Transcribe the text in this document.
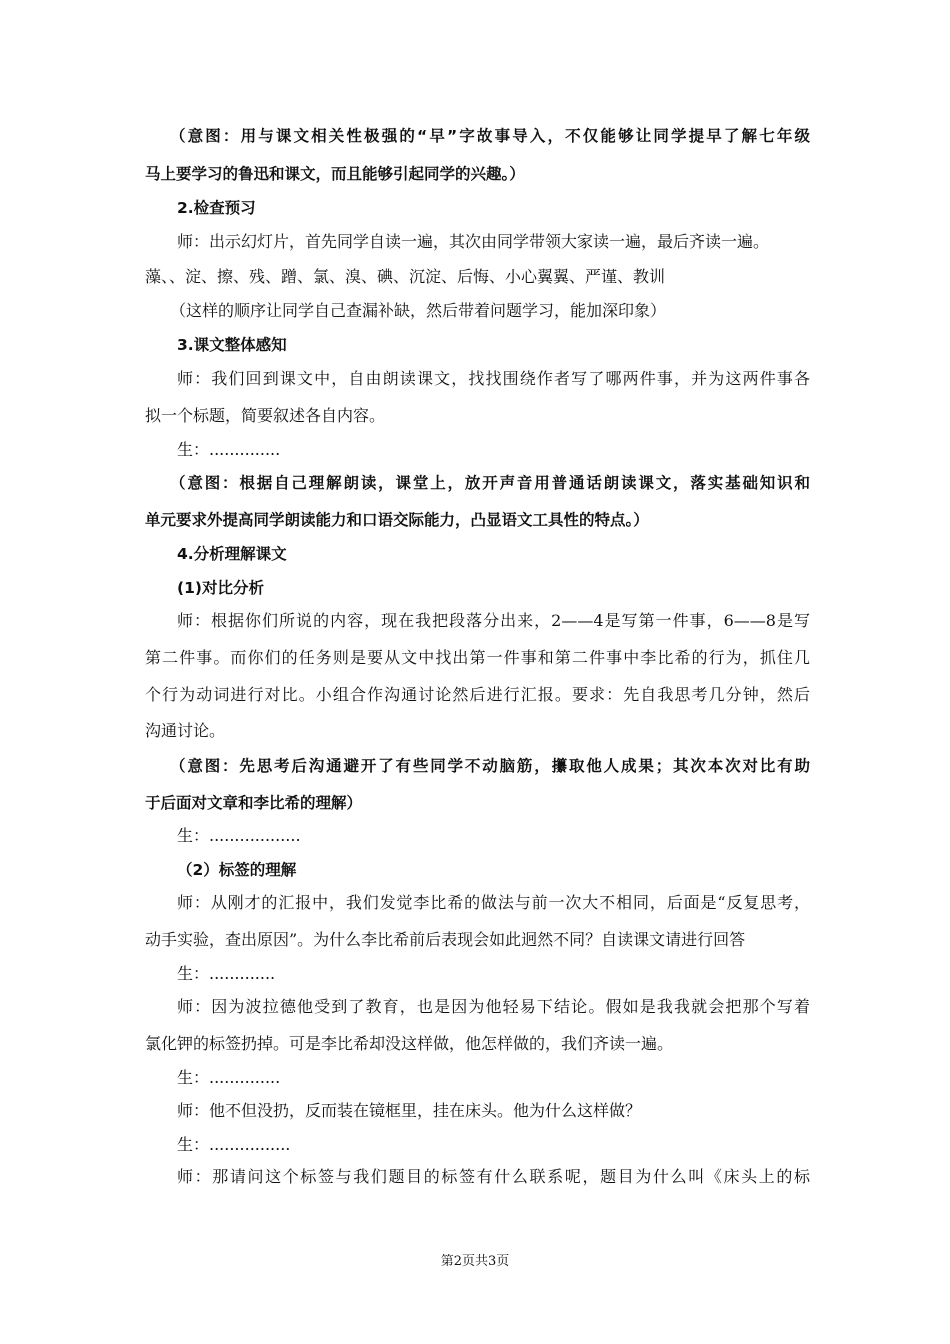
（意图：用与课文相关性极强的“早”字故事导入，不仅能够让同学提早了解七年级
马上要学习的鲁迅和课文，而且能够引起同学的兴趣。）
2.检查预习
师：出示幻灯片，首先同学自读一遍，其次由同学带领大家读一遍，最后齐读一遍。
藻、、淀、擦、残、蹭、氯、溴、碘、沉淀、后悔、小心翼翼、严谨、教训
（这样的顺序让同学自己查漏补缺，然后带着问题学习，能加深印象）
3.课文整体感知
师：我们回到课文中，自由朗读课文，找找围绕作者写了哪两件事，并为这两件事各
拟一个标题，简要叙述各自内容。
生：..............
（意图：根据自己理解朗读，课堂上，放开声音用普通话朗读课文，落实基础知识和
单元要求外提高同学朗读能力和口语交际能力，凸显语文工具性的特点。）
4.分析理解课文
(1)对比分析
师：根据你们所说的内容，现在我把段落分出来，2——4是写第一件事，6——8是写
第二件事。而你们的任务则是要从文中找出第一件事和第二件事中李比希的行为，抓住几
个行为动词进行对比。小组合作沟通讨论然后进行汇报。要求：先自我思考几分钟，然后
沟通讨论。
（意图：先思考后沟通避开了有些同学不动脑筋，攥取他人成果；其次本次对比有助
于后面对文章和李比希的理解）
生：..................
（2）标签的理解
师：从刚才的汇报中，我们发觉李比希的做法与前一次大不相同，后面是“反复思考，
动手实验，查出原因”。为什么李比希前后表现会如此迥然不同？自读课文请进行回答
生：.............
师：因为波拉德他受到了教育，也是因为他轻易下结论。假如是我我就会把那个写着
氯化钾的标签扔掉。可是李比希却没这样做，他怎样做的，我们齐读一遍。
生：..............
师：他不但没扔，反而装在镜框里，挂在床头。他为什么这样做？
生：................
师：那请问这个标签与我们题目的标签有什么联系呢，题目为什么叫《床头上的标
第2页共3页
